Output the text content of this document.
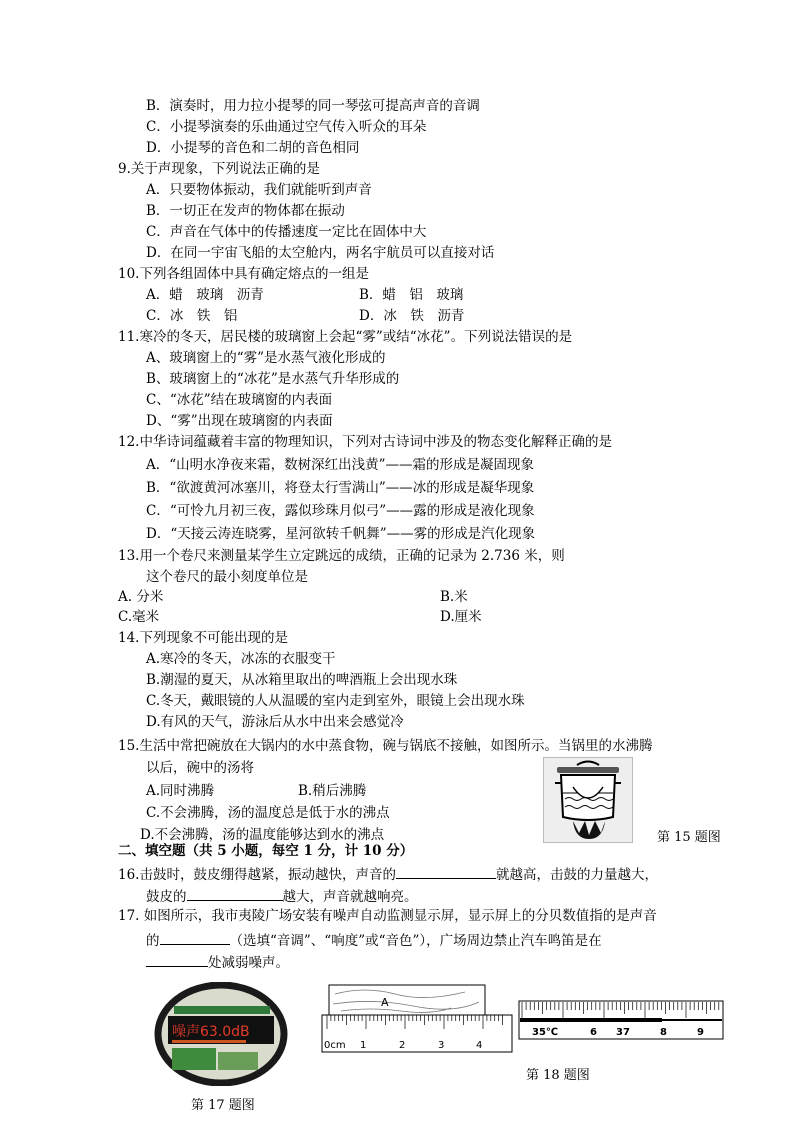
B．演奏时，用力拉小提琴的同一琴弦可提高声音的音调
C．小提琴演奏的乐曲通过空气传入听众的耳朵
D．小提琴的音色和二胡的音色相同
9.关于声现象，下列说法正确的是
A．只要物体振动，我们就能听到声音
B．一切正在发声的物体都在振动
C．声音在气体中的传播速度一定比在固体中大
D．在同一宇宙飞船的太空舱内，两名宇航员可以直接对话
10.下列各组固体中具有确定熔点的一组是
A．蜡　玻璃　沥青	B．蜡　铝　玻璃
C．冰　铁　铝	D．冰　铁　沥青
11.寒冷的冬天，居民楼的玻璃窗上会起“雾”或结“冰花”。下列说法错误的是
A、玻璃窗上的“雾”是水蒸气液化形成的
B、玻璃窗上的“冰花”是水蒸气升华形成的
C、“冰花”结在玻璃窗的内表面
D、“雾”出现在玻璃窗的内表面
12.中华诗词蕴藏着丰富的物理知识，下列对古诗词中涉及的物态变化解释正确的是
A．“山明水净夜来霜，数树深红出浅黄”——霜的形成是凝固现象
B．“欲渡黄河冰塞川，将登太行雪满山”——冰的形成是凝华现象
C．“可怜九月初三夜，露似珍珠月似弓”——露的形成是液化现象
D．“天接云涛连晓雾，星河欲转千帆舞”——雾的形成是汽化现象
13.用一个卷尺来测量某学生立定跳远的成绩，正确的记录为 2.736 米，则
这个卷尺的最小刻度单位是
A. 分米	B.米
C.毫米	D.厘米
14.下列现象不可能出现的是
A.寒冷的冬天，冰冻的衣服变干
B.潮湿的夏天，从冰箱里取出的啤酒瓶上会出现水珠
C.冬天，戴眼镜的人从温暖的室内走到室外，眼镜上会出现水珠
D.有风的天气，游泳后从水中出来会感觉冷
15.生活中常把碗放在大锅内的水中蒸食物，碗与锅底不接触，如图所示。当锅里的水沸腾
以后，碗中的汤将
A.同时沸腾	B.稍后沸腾
C.不会沸腾，汤的温度总是低于水的沸点
D.不会沸腾，汤的温度能够达到水的沸点	第 15 题图
二、填空题（共 5 小题，每空 1 分，计 10 分）
16.击鼓时，鼓皮绷得越紧，振动越快，声音的	就越高，击鼓的力量越大，
鼓皮的	越大，声音就越响亮。
17. 如图所示，我市夷陵广场安装有噪声自动监测显示屏，显示屏上的分贝数值指的是声音
的	（选填“音调”、“响度”或“音色”），广场周边禁止汽车鸣笛是在
处减弱噪声。
噪声63.0dB
第 17 题图
A
0cm 1	2	3	4
35℃	6 37	8	9
第 18 题图
